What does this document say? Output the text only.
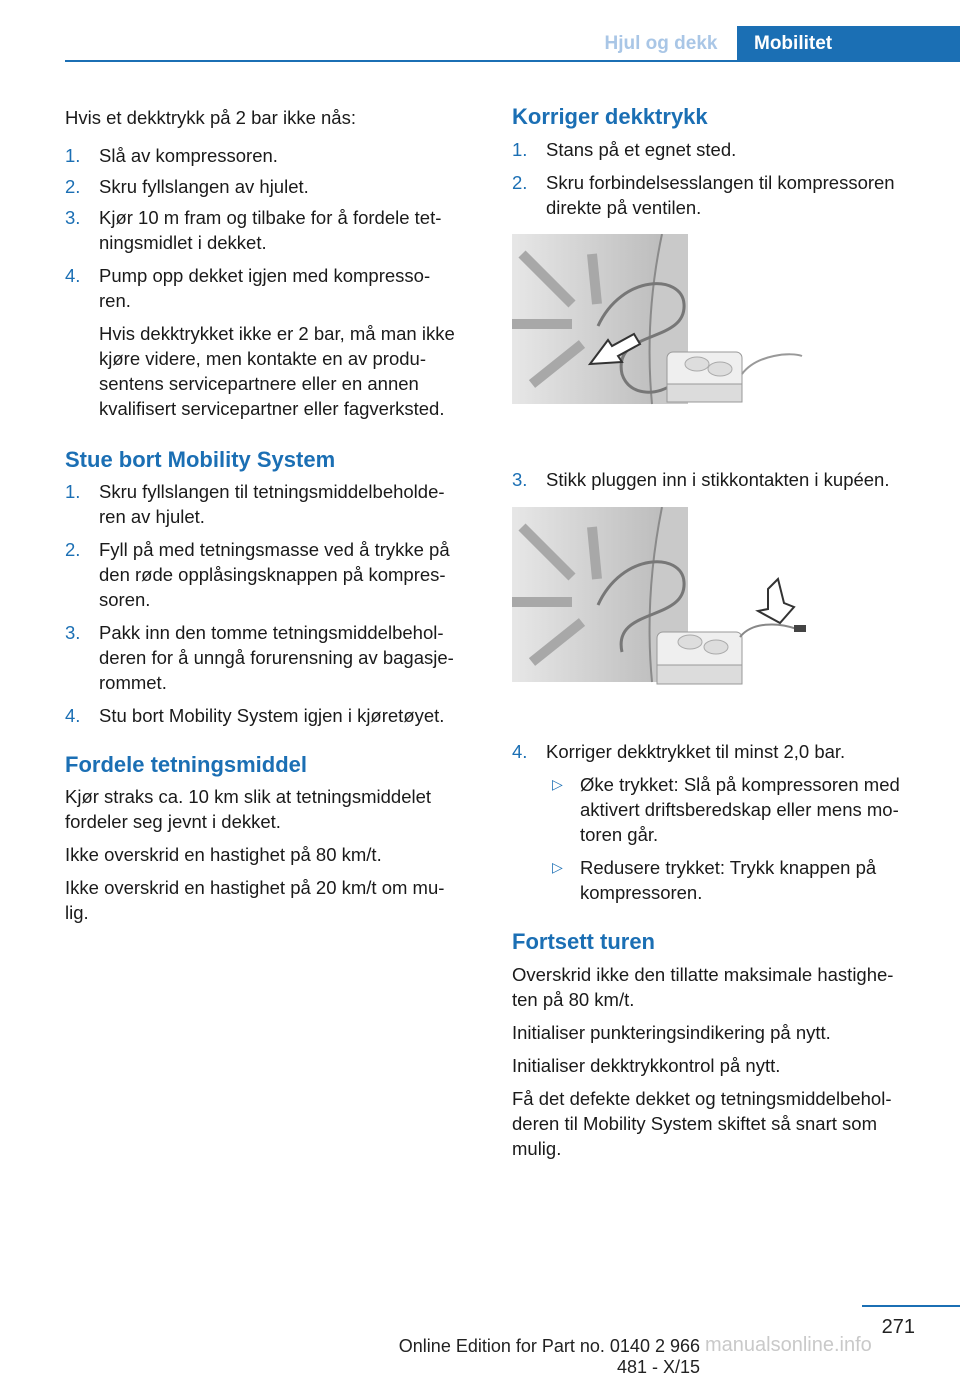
Hjul og dekk	Mobilitet
Hvis et dekktrykk på 2 bar ikke nås:
1. Slå av kompressoren.
2. Skru fyllslangen av hjulet.
3. Kjør 10 m fram og tilbake for å fordele tet-
ningsmidlet i dekket.
4. Pump opp dekket igjen med kompresso-
ren.
Hvis dekktrykket ikke er 2 bar, må man ikke
kjøre videre, men kontakte en av produ-
sentens servicepartnere eller en annen
kvalifisert servicepartner eller fagverksted.
Stue bort Mobility System
1. Skru fyllslangen til tetningsmiddelbeholde-
ren av hjulet.
2. Fyll på med tetningsmasse ved å trykke på
den røde opplåsingsknappen på kompres-
soren.
3. Pakk inn den tomme tetningsmiddelbehol-
deren for å unngå forurensning av bagasje-
rommet.
4. Stu bort Mobility System igjen i kjøretøyet.
Fordele tetningsmiddel
Kjør straks ca. 10 km slik at tetningsmiddelet
fordeler seg jevnt i dekket.
Ikke overskrid en hastighet på 80 km/t.
Ikke overskrid en hastighet på 20 km/t om mu-
lig.
Korriger dekktrykk
1. Stans på et egnet sted.
2. Skru forbindelsesslangen til kompressoren
direkte på ventilen.
3. Stikk pluggen inn i stikkontakten i kupéen.
4. Korriger dekktrykket til minst 2,0 bar.
▷ Øke trykket: Slå på kompressoren med
aktivert driftsberedskap eller mens mo-
toren går.
▷ Redusere trykket: Trykk knappen på
kompressoren.
Fortsett turen
Overskrid ikke den tillatte maksimale hastighe-
ten på 80 km/t.
Initialiser punkteringsindikering på nytt.
Initialiser dekktrykkontrol på nytt.
Få det defekte dekket og tetningsmiddelbehol-
deren til Mobility System skiftet så snart som
mulig.
271
Online Edition for Part no. 0140 2 966 481 - X/15
manualsonline.info
